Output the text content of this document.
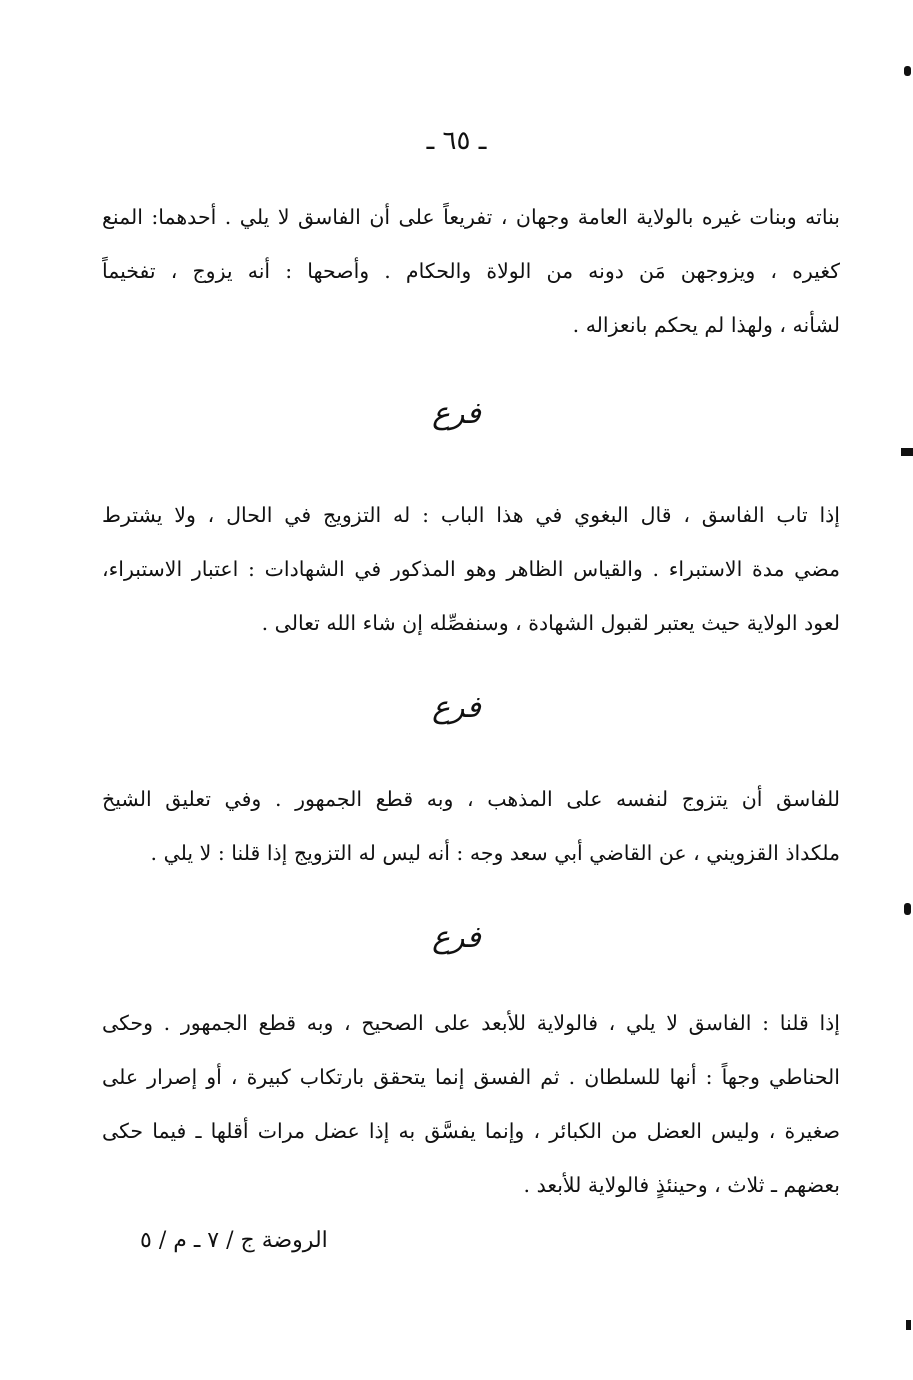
ـ ٦٥ ـ
بناته وبنات غيره بالولاية العامة وجهان ، تفريعاً على أن الفاسق لا يلي . أحدهما: المنع
كغيره ، ويزوجهن مَن دونه من الولاة والحكام . وأصحها : أنه يزوج ، تفخيماً
لشأنه ، ولهذا لم يحكم بانعزاله .
فرع
إذا تاب الفاسق ، قال البغوي في هذا الباب : له التزويج في الحال ، ولا يشترط
مضي مدة الاستبراء . والقياس الظاهر وهو المذكور في الشهادات : اعتبار الاستبراء،
لعود الولاية حيث يعتبر لقبول الشهادة ، وسنفصِّله إن شاء الله تعالى .
فرع
للفاسق أن يتزوج لنفسه على المذهب ، وبه قطع الجمهور . وفي تعليق الشيخ
ملكداذ القزويني ، عن القاضي أبي سعد وجه : أنه ليس له التزويج إذا قلنا : لا يلي .
فرع
إذا قلنا : الفاسق لا يلي ، فالولاية للأبعد على الصحيح ، وبه قطع الجمهور . وحكى
الحناطي وجهاً : أنها للسلطان . ثم الفسق إنما يتحقق بارتكاب كبيرة ، أو إصرار على
صغيرة ، وليس العضل من الكبائر ، وإنما يفسَّق به إذا عضل مرات أقلها ـ فيما حكى
بعضهم ـ ثلاث ، وحينئذٍ فالولاية للأبعد .
الروضة ج / ٧ ـ م / ٥
